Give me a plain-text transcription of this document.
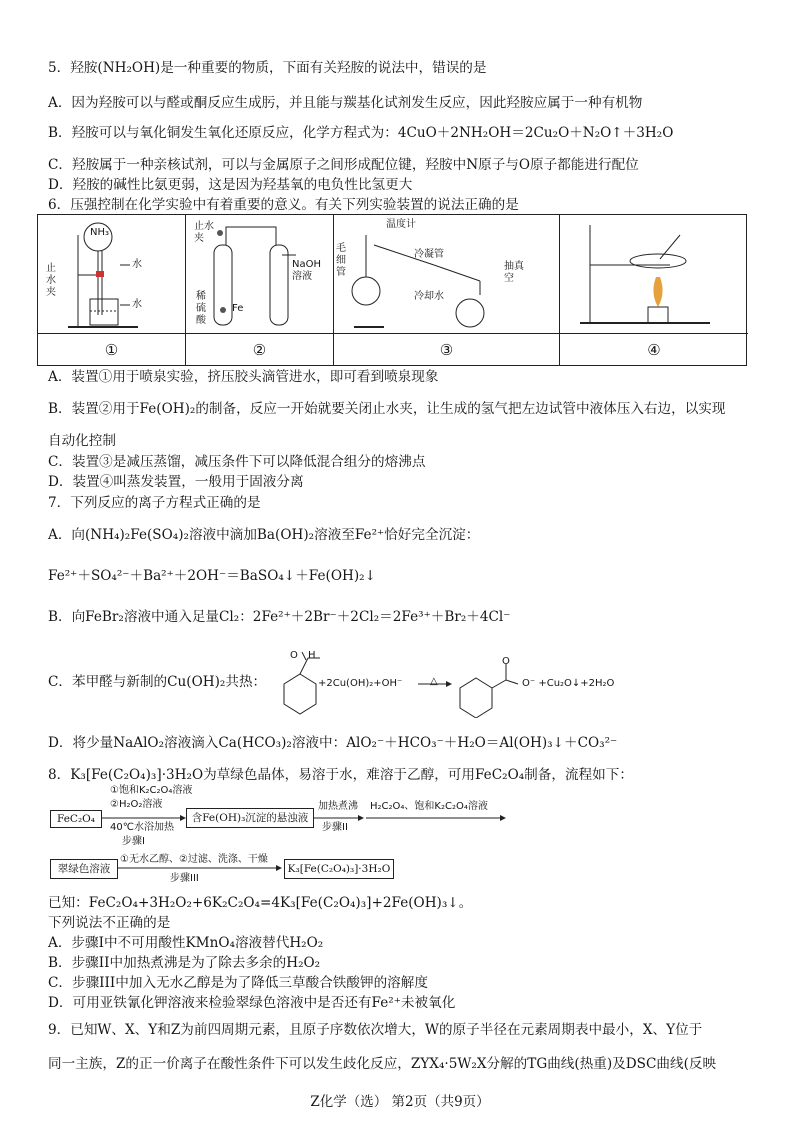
5．羟胺(NH₂OH)是一种重要的物质，下面有关羟胺的说法中，错误的是
A．因为羟胺可以与醛或酮反应生成肟，并且能与羰基化试剂发生反应，因此羟胺应属于一种有机物
B．羟胺可以与氧化铜发生氧化还原反应，化学方程式为：4CuO＋2NH₂OH＝2Cu₂O＋N₂O↑＋3H₂O
C．羟胺属于一种亲核试剂，可以与金属原子之间形成配位键，羟胺中N原子与O原子都能进行配位
D．羟胺的碱性比氨更弱，这是因为羟基氧的电负性比氢更大
6．压强控制在化学实验中有着重要的意义。有关下列实验装置的说法正确的是
NH₃
止水夹
水
水
止水夹
稀硫酸
Fe
NaOH溶液
毛细管
温度计
冷凝管
冷却水
抽真空
①	②	③	④
A．装置①用于喷泉实验，挤压胶头滴管进水，即可看到喷泉现象
B．装置②用于Fe(OH)₂的制备，反应一开始就要关闭止水夹，让生成的氢气把左边试管中液体压入右边，以实现
自动化控制
C．装置③是减压蒸馏，减压条件下可以降低混合组分的熔沸点
D．装置④叫蒸发装置，一般用于固液分离
7．下列反应的离子方程式正确的是
A．向(NH₄)₂Fe(SO₄)₂溶液中滴加Ba(OH)₂溶液至Fe²⁺恰好完全沉淀：
Fe²⁺＋SO₄²⁻＋Ba²⁺＋2OH⁻＝BaSO₄↓＋Fe(OH)₂↓
B．向FeBr₂溶液中通入足量Cl₂：2Fe²⁺＋2Br⁻＋2Cl₂＝2Fe³⁺＋Br₂＋4Cl⁻
C．苯甲醛与新制的Cu(OH)₂共热：
H
O
+2Cu(OH)₂+OH⁻	△
O
O⁻ +Cu₂O↓+2H₂O
D．将少量NaAlO₂溶液滴入Ca(HCO₃)₂溶液中：AlO₂⁻＋HCO₃⁻＋H₂O＝Al(OH)₃↓＋CO₃²⁻
8．K₃[Fe(C₂O₄)₃]·3H₂O为草绿色晶体，易溶于水，难溶于乙醇，可用FeC₂O₄制备，流程如下：
FeC₂O₄
①饱和K₂C₂O₄溶液
②H₂O₂溶液
40℃水浴加热
步骤I
含Fe(OH)₃沉淀的悬浊液
加热煮沸
步骤II
H₂C₂O₄、饱和K₂C₂O₄溶液
翠绿色溶液
①无水乙醇、②过滤、洗涤、干燥
步骤III
K₃[Fe(C₂O₄)₃]·3H₂O
已知：FeC₂O₄+3H₂O₂+6K₂C₂O₄=4K₃[Fe(C₂O₄)₃]+2Fe(OH)₃↓。
下列说法不正确的是
A．步骤I中不可用酸性KMnO₄溶液替代H₂O₂
B．步骤II中加热煮沸是为了除去多余的H₂O₂
C．步骤III中加入无水乙醇是为了降低三草酸合铁酸钾的溶解度
D．可用亚铁氰化钾溶液来检验翠绿色溶液中是否还有Fe²⁺未被氧化
9．已知W、X、Y和Z为前四周期元素，且原子序数依次增大，W的原子半径在元素周期表中最小，X、Y位于
同一主族，Z的正一价离子在酸性条件下可以发生歧化反应，ZYX₄·5W₂X分解的TG曲线(热重)及DSC曲线(反映
Z化学（选） 第2页（共9页）
